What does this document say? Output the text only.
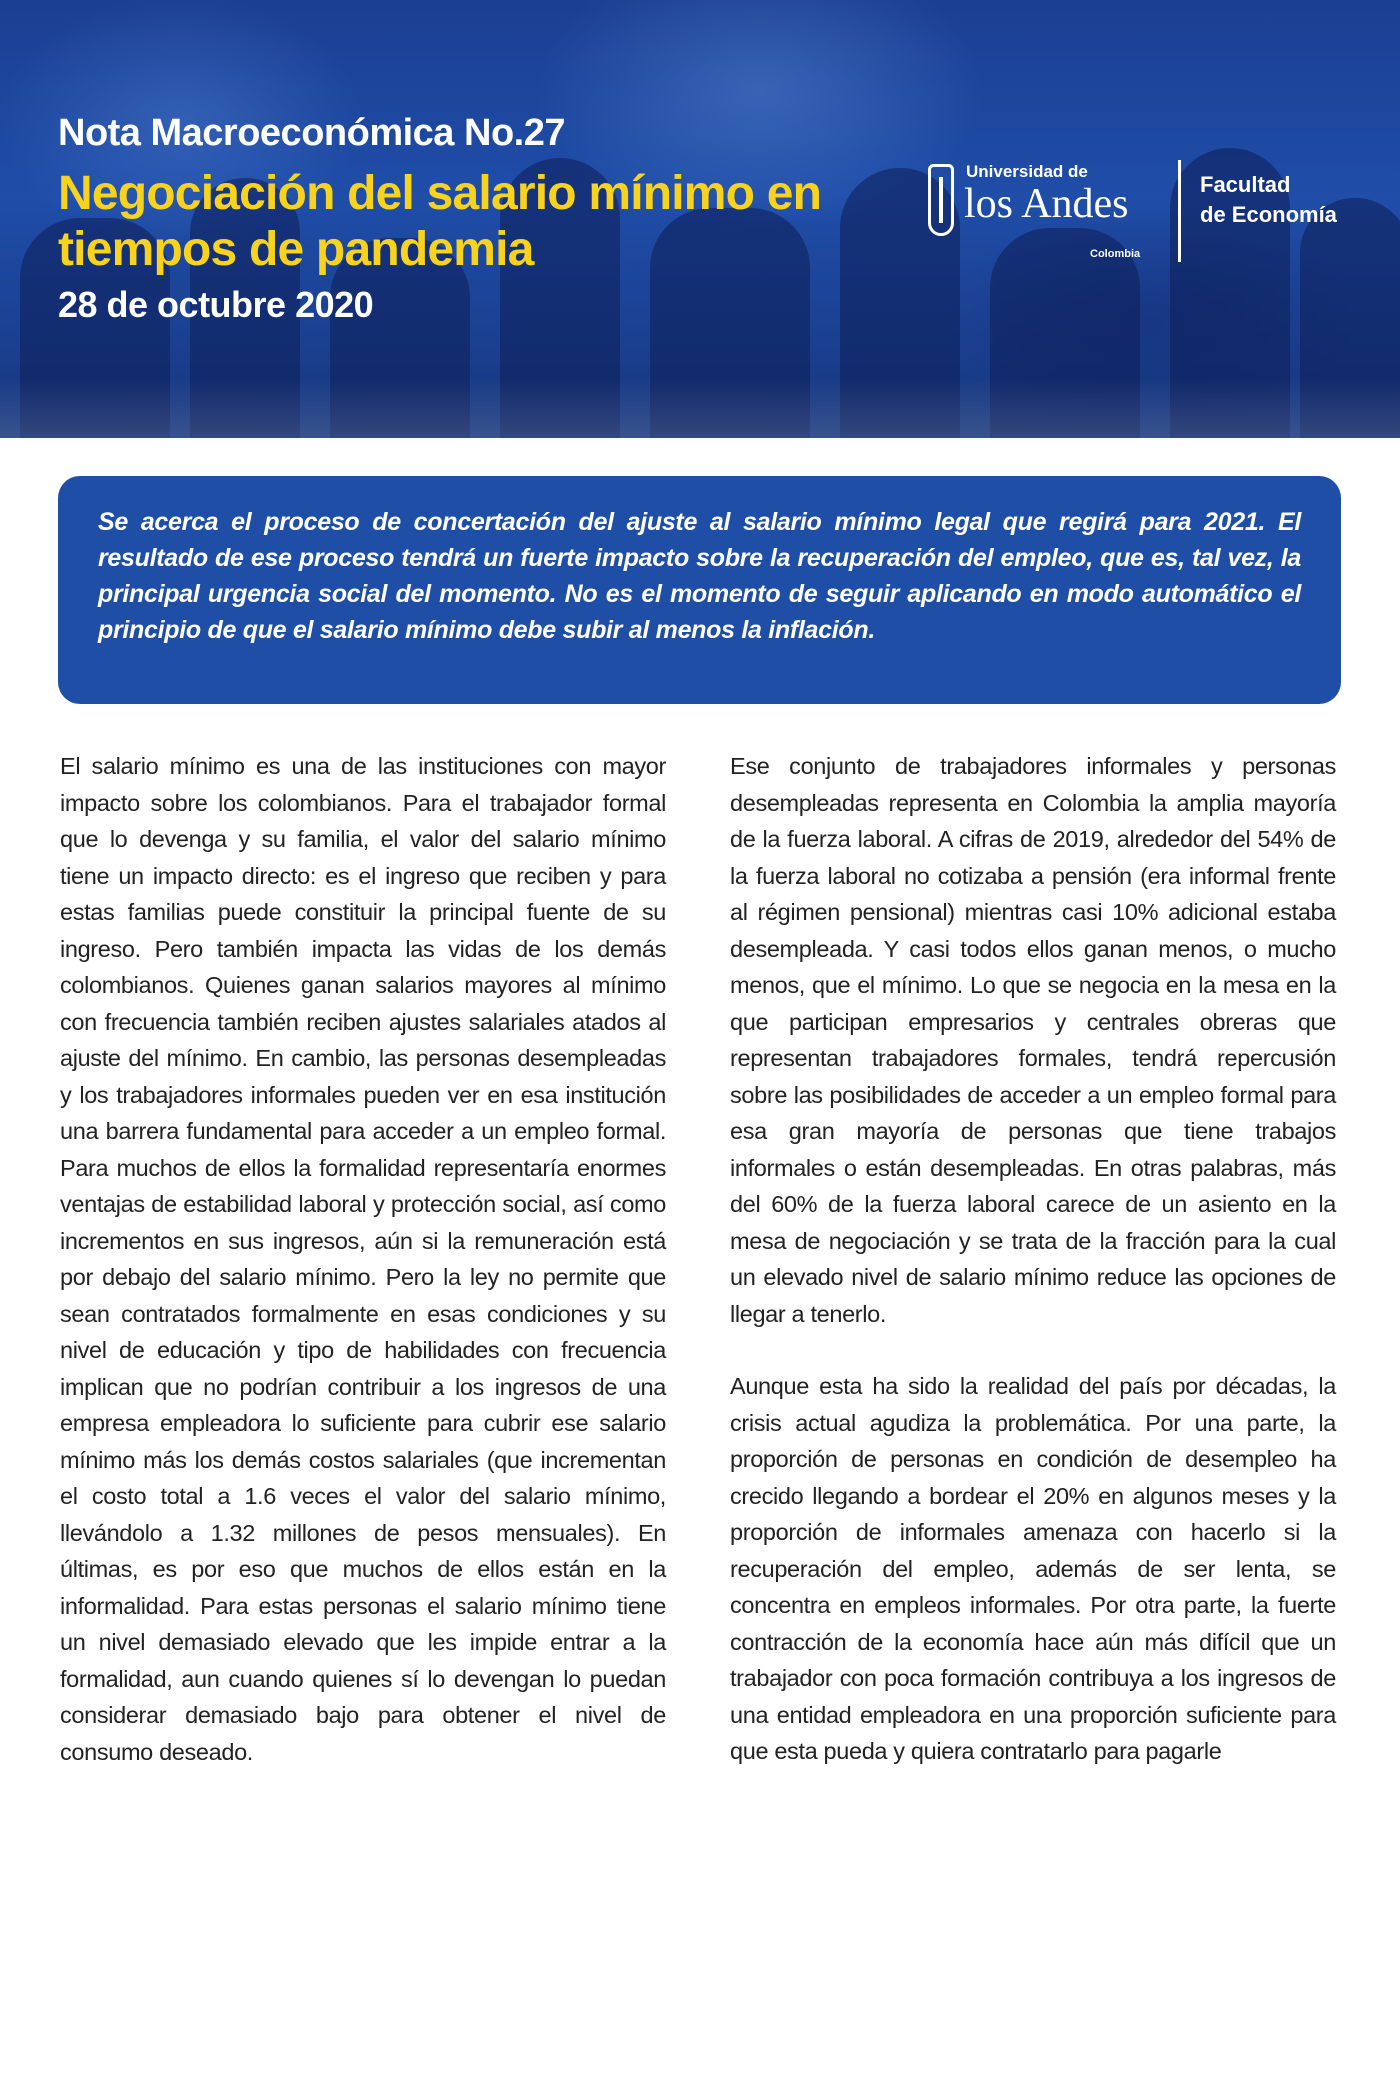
Nota Macroeconómica No.27
Negociación del salario mínimo en tiempos de pandemia
28 de octubre 2020
Universidad de
los Andes
Colombia
Facultad
de Economía

Se acerca el proceso de concertación del ajuste al salario mínimo legal que regirá para 2021. El resultado de ese proceso tendrá un fuerte impacto sobre la recuperación del empleo, que es, tal vez, la principal urgencia social del momento. No es el momento de seguir aplicando en modo automático el principio de que el salario mínimo debe subir al menos la inflación.

El salario mínimo es una de las instituciones con mayor impacto sobre los colombianos. Para el trabajador formal que lo devenga y su familia, el valor del salario mínimo tiene un impacto directo: es el ingreso que reciben y para estas familias puede constituir la principal fuente de su ingreso. Pero también impacta las vidas de los demás colombianos. Quienes ganan salarios mayores al mínimo con frecuencia también reciben ajustes salariales atados al ajuste del mínimo. En cambio, las personas desempleadas y los trabajadores informales pueden ver en esa institución una barrera fundamental para acceder a un empleo formal. Para muchos de ellos la formalidad representaría enormes ventajas de estabilidad laboral y protección social, así como incrementos en sus ingresos, aún si la remuneración está por debajo del salario mínimo. Pero la ley no permite que sean contratados formalmente en esas condiciones y su nivel de educación y tipo de habilidades con frecuencia implican que no podrían contribuir a los ingresos de una empresa empleadora lo suficiente para cubrir ese salario mínimo más los demás costos salariales (que incrementan el costo total a 1.6 veces el valor del salario mínimo, llevándolo a 1.32 millones de pesos mensuales). En últimas, es por eso que muchos de ellos están en la informalidad. Para estas personas el salario mínimo tiene un nivel demasiado elevado que les impide entrar a la formalidad, aun cuando quienes sí lo devengan lo puedan considerar demasiado bajo para obtener el nivel de consumo deseado.

Ese conjunto de trabajadores informales y personas desempleadas representa en Colombia la amplia mayoría de la fuerza laboral. A cifras de 2019, alrededor del 54% de la fuerza laboral no cotizaba a pensión (era informal frente al régimen pensional) mientras casi 10% adicional estaba desempleada. Y casi todos ellos ganan menos, o mucho menos, que el mínimo. Lo que se negocia en la mesa en la que participan empresarios y centrales obreras que representan trabajadores formales, tendrá repercusión sobre las posibilidades de acceder a un empleo formal para esa gran mayoría de personas que tiene trabajos informales o están desempleadas. En otras palabras, más del 60% de la fuerza laboral carece de un asiento en la mesa de negociación y se trata de la fracción para la cual un elevado nivel de salario mínimo reduce las opciones de llegar a tenerlo.

Aunque esta ha sido la realidad del país por décadas, la crisis actual agudiza la problemática. Por una parte, la proporción de personas en condición de desempleo ha crecido llegando a bordear el 20% en algunos meses y la proporción de informales amenaza con hacerlo si la recuperación del empleo, además de ser lenta, se concentra en empleos informales. Por otra parte, la fuerte contracción de la economía hace aún más difícil que un trabajador con poca formación contribuya a los ingresos de una entidad empleadora en una proporción suficiente para que esta pueda y quiera contratarlo para pagarle
